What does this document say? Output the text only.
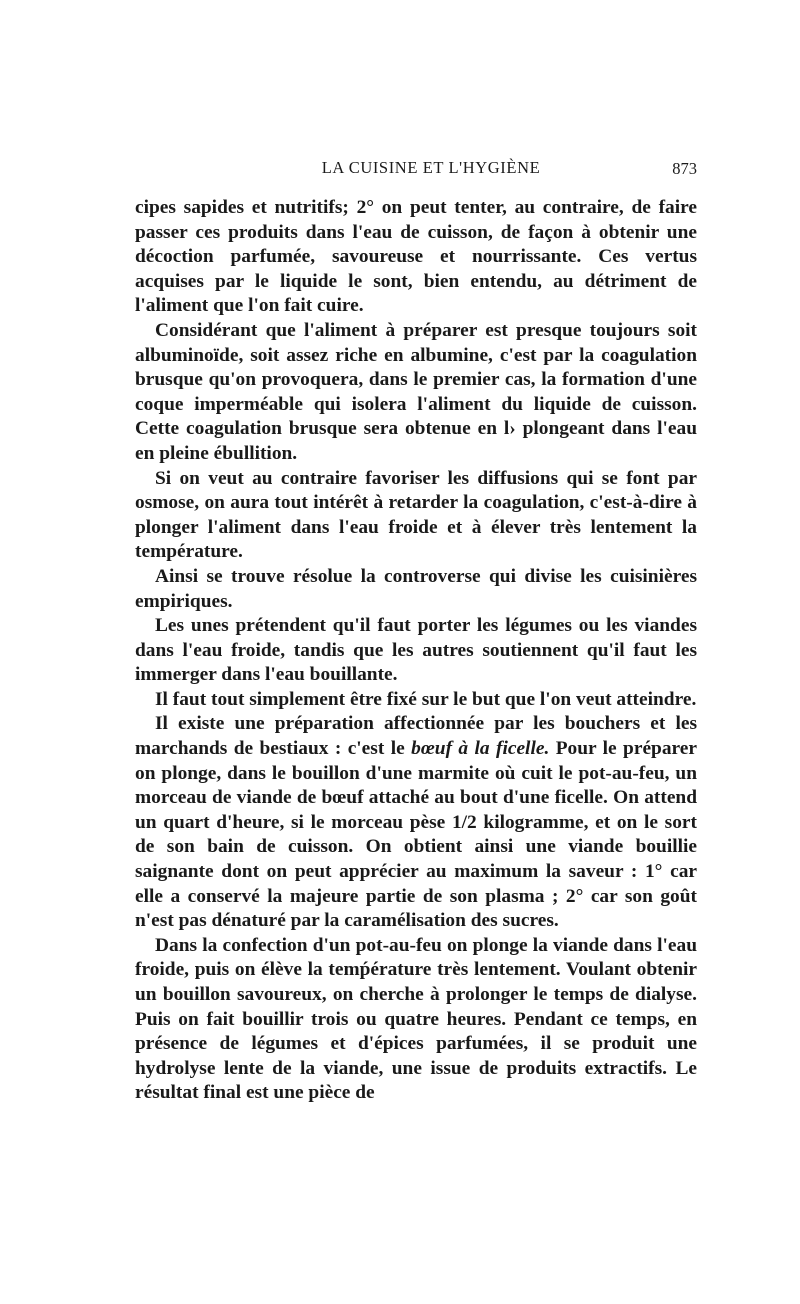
LA CUISINE ET L'HYGIÈNE	873

cipes sapides et nutritifs; 2° on peut tenter, au contraire, de faire passer ces produits dans l'eau de cuisson, de façon à obtenir une décoction parfumée, savoureuse et nourrissante. Ces vertus acquises par le liquide le sont, bien entendu, au détriment de l'aliment que l'on fait cuire.

Considérant que l'aliment à préparer est presque toujours soit albuminoïde, soit assez riche en albumine, c'est par la coagulation brusque qu'on provoquera, dans le premier cas, la formation d'une coque imperméable qui isolera l'aliment du liquide de cuisson. Cette coagulation brusque sera obtenue en l› plongeant dans l'eau en pleine ébullition.

Si on veut au contraire favoriser les diffusions qui se font par osmose, on aura tout intérêt à retarder la coagulation, c'est-à-dire à plonger l'aliment dans l'eau froide et à élever très lentement la température.

Ainsi se trouve résolue la controverse qui divise les cuisinières empiriques.

Les unes prétendent qu'il faut porter les légumes ou les viandes dans l'eau froide, tandis que les autres soutiennent qu'il faut les immerger dans l'eau bouillante.

Il faut tout simplement être fixé sur le but que l'on veut atteindre.

Il existe une préparation affectionnée par les bouchers et les marchands de bestiaux : c'est le bœuf à la ficelle. Pour le préparer on plonge, dans le bouillon d'une marmite où cuit le pot-au-feu, un morceau de viande de bœuf attaché au bout d'une ficelle. On attend un quart d'heure, si le morceau pèse 1/2 kilogramme, et on le sort de son bain de cuisson. On obtient ainsi une viande bouillie saignante dont on peut apprécier au maximum la saveur : 1° car elle a conservé la majeure partie de son plasma ; 2° car son goût n'est pas dénaturé par la caramélisation des sucres.

Dans la confection d'un pot-au-feu on plonge la viande dans l'eau froide, puis on élève la temṕérature très lentement. Voulant obtenir un bouillon savoureux, on cherche à prolonger le temps de dialyse. Puis on fait bouillir trois ou quatre heures. Pendant ce temps, en présence de légumes et d'épices parfumées, il se produit une hydrolyse lente de la viande, une issue de produits extractifs. Le résultat final est une pièce de
